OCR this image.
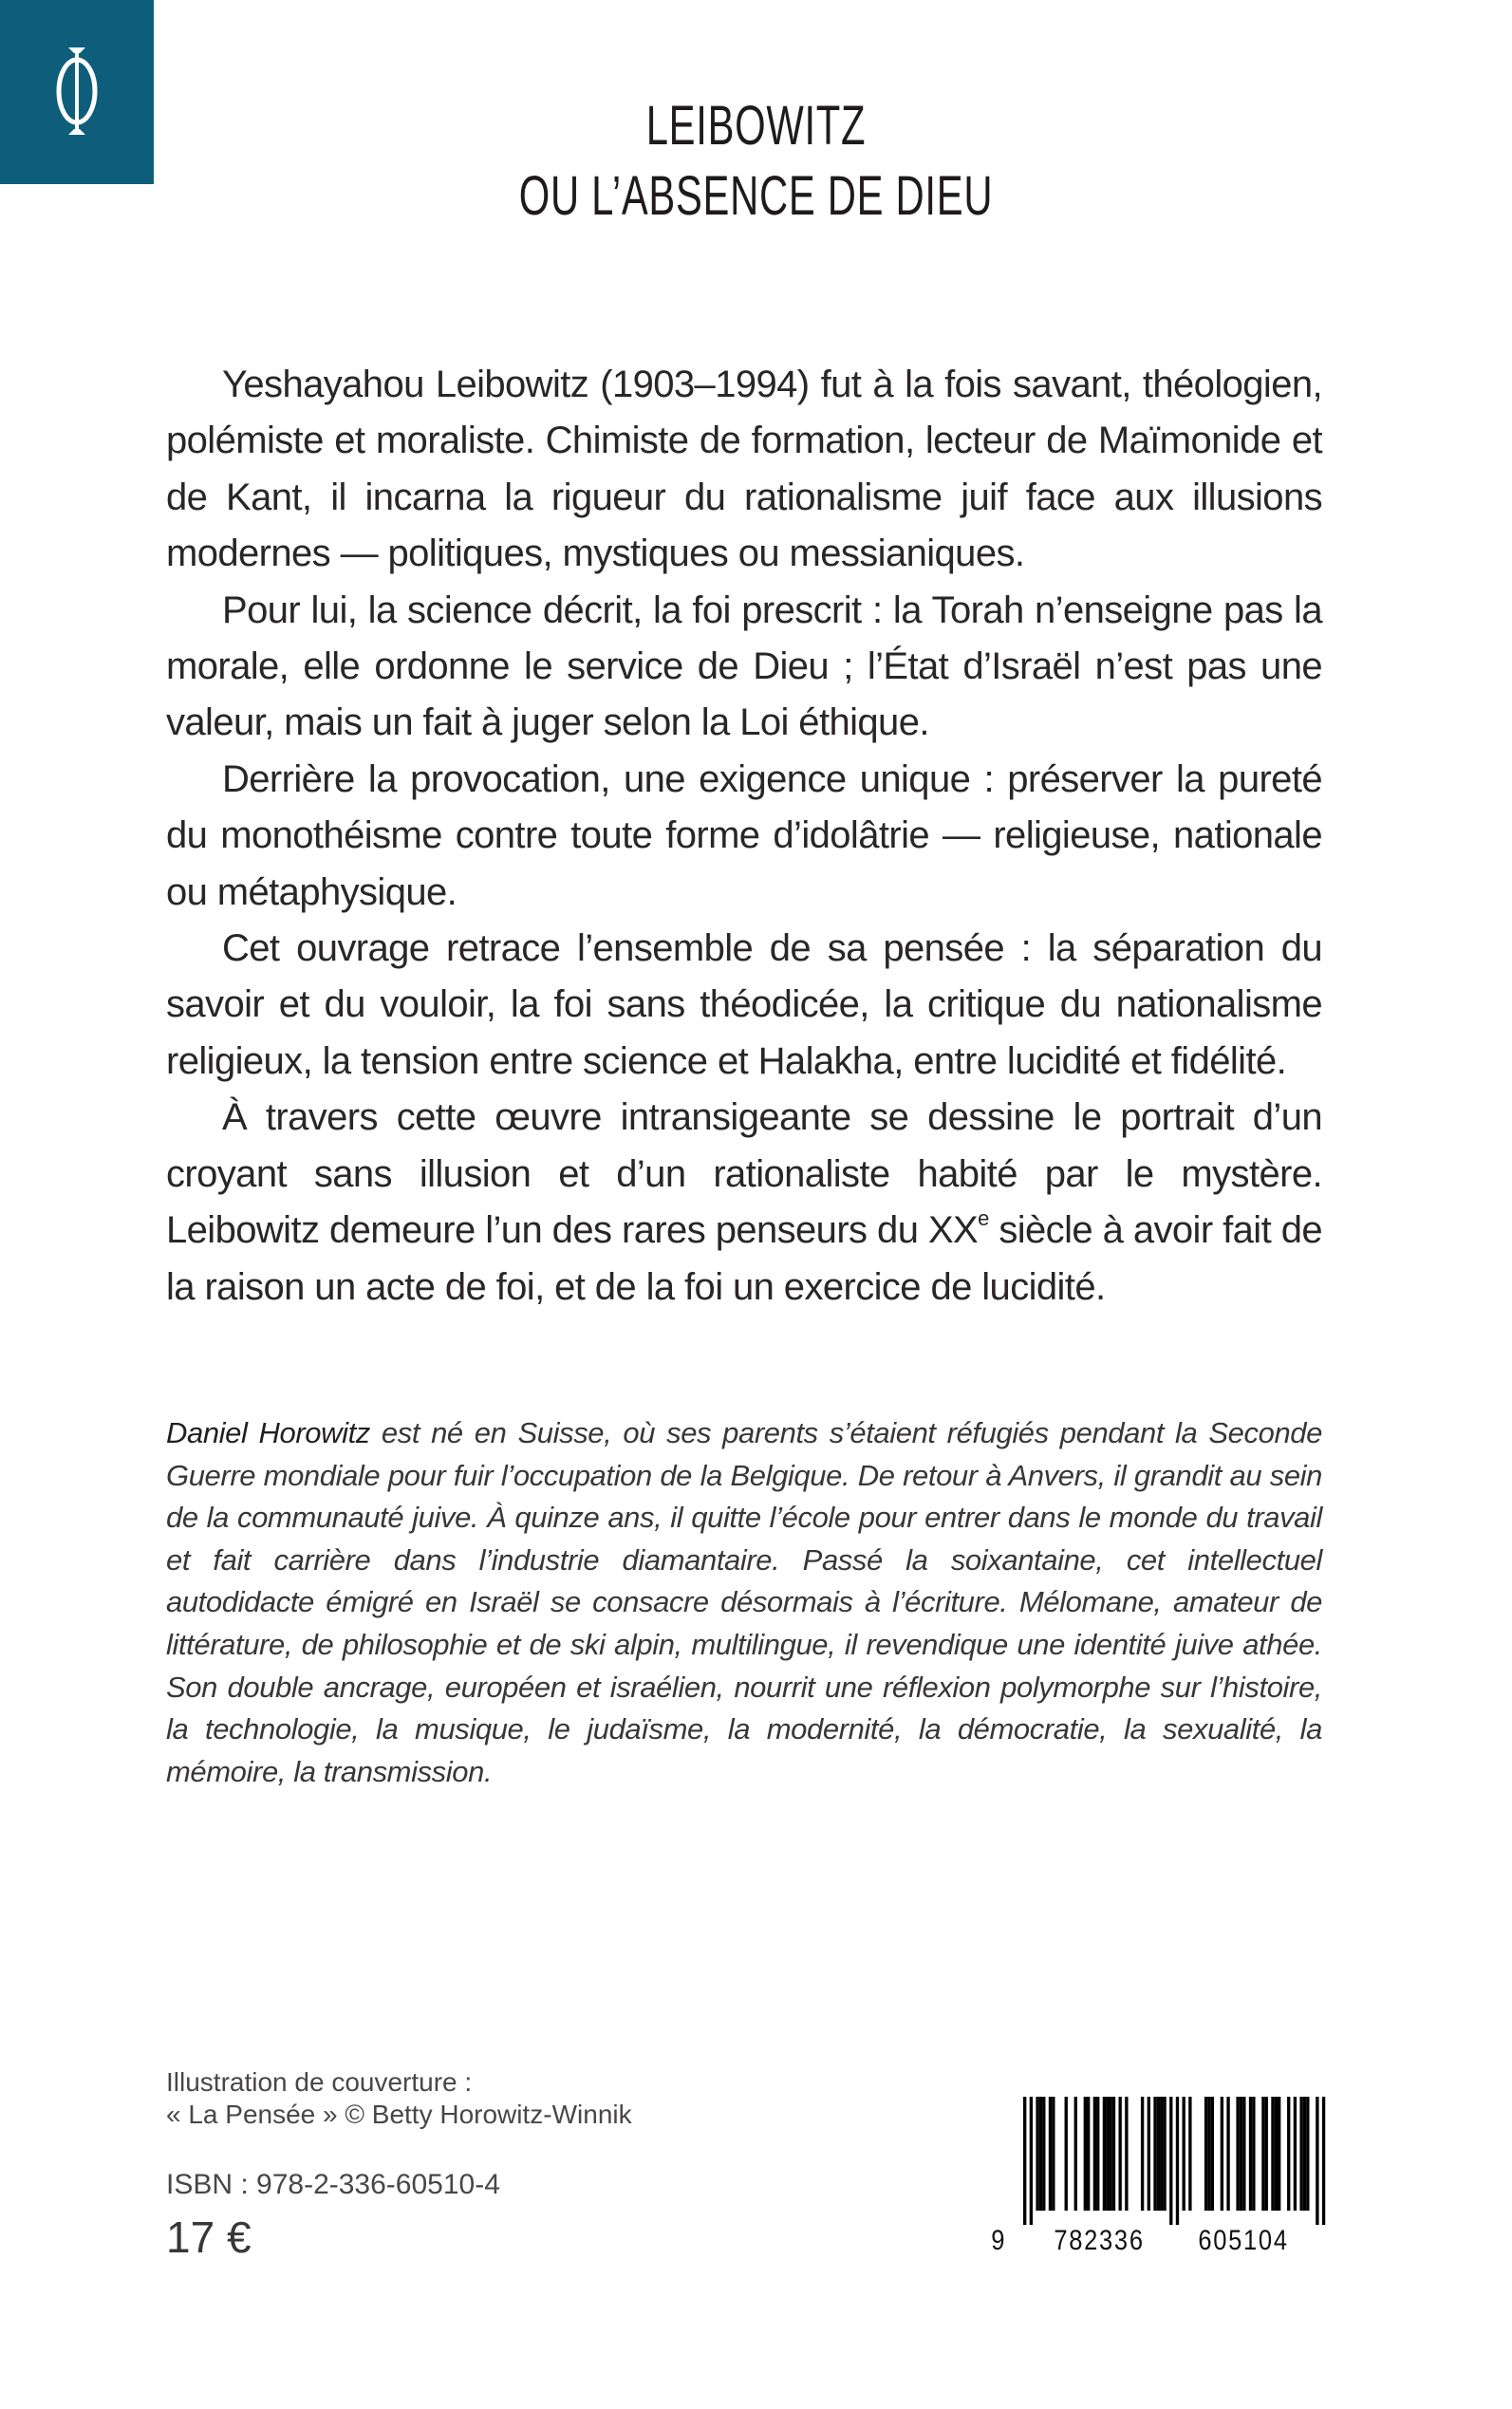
LEIBOWITZ
OU L’ABSENCE DE DIEU

Yeshayahou Leibowitz (1903–1994) fut à la fois savant, théologien, polémiste et moraliste. Chimiste de formation, lecteur de Maïmonide et de Kant, il incarna la rigueur du rationalisme juif face aux illusions modernes — politiques, mystiques ou messianiques.

Pour lui, la science décrit, la foi prescrit : la Torah n’enseigne pas la morale, elle ordonne le service de Dieu ; l’État d’Israël n’est pas une valeur, mais un fait à juger selon la Loi éthique.

Derrière la provocation, une exigence unique : préserver la pureté du monothéisme contre toute forme d’idolâtrie — religieuse, nationale ou métaphysique.

Cet ouvrage retrace l’ensemble de sa pensée : la séparation du savoir et du vouloir, la foi sans théodicée, la critique du nationalisme religieux, la tension entre science et Halakha, entre lucidité et fidélité.

À travers cette œuvre intransigeante se dessine le portrait d’un croyant sans illusion et d’un rationaliste habité par le mystère. Leibowitz demeure l’un des rares penseurs du XXe siècle à avoir fait de la raison un acte de foi, et de la foi un exercice de lucidité.

Daniel Horowitz est né en Suisse, où ses parents s’étaient réfugiés pendant la Seconde Guerre mondiale pour fuir l’occupation de la Belgique. De retour à Anvers, il grandit au sein de la communauté juive. À quinze ans, il quitte l’école pour entrer dans le monde du travail et fait carrière dans l’industrie diamantaire. Passé la soixantaine, cet intellectuel autodidacte émigré en Israël se consacre désormais à l’écriture. Mélomane, amateur de littérature, de philosophie et de ski alpin, multilingue, il revendique une identité juive athée. Son double ancrage, européen et israélien, nourrit une réflexion polymorphe sur l’histoire, la technologie, la musique, le judaïsme, la modernité, la démocratie, la sexualité, la mémoire, la transmission.
Illustration de couverture :
« La Pensée » © Betty Horowitz-Winnik
ISBN : 978-2-336-60510-4
17 €	9 782336 605104
